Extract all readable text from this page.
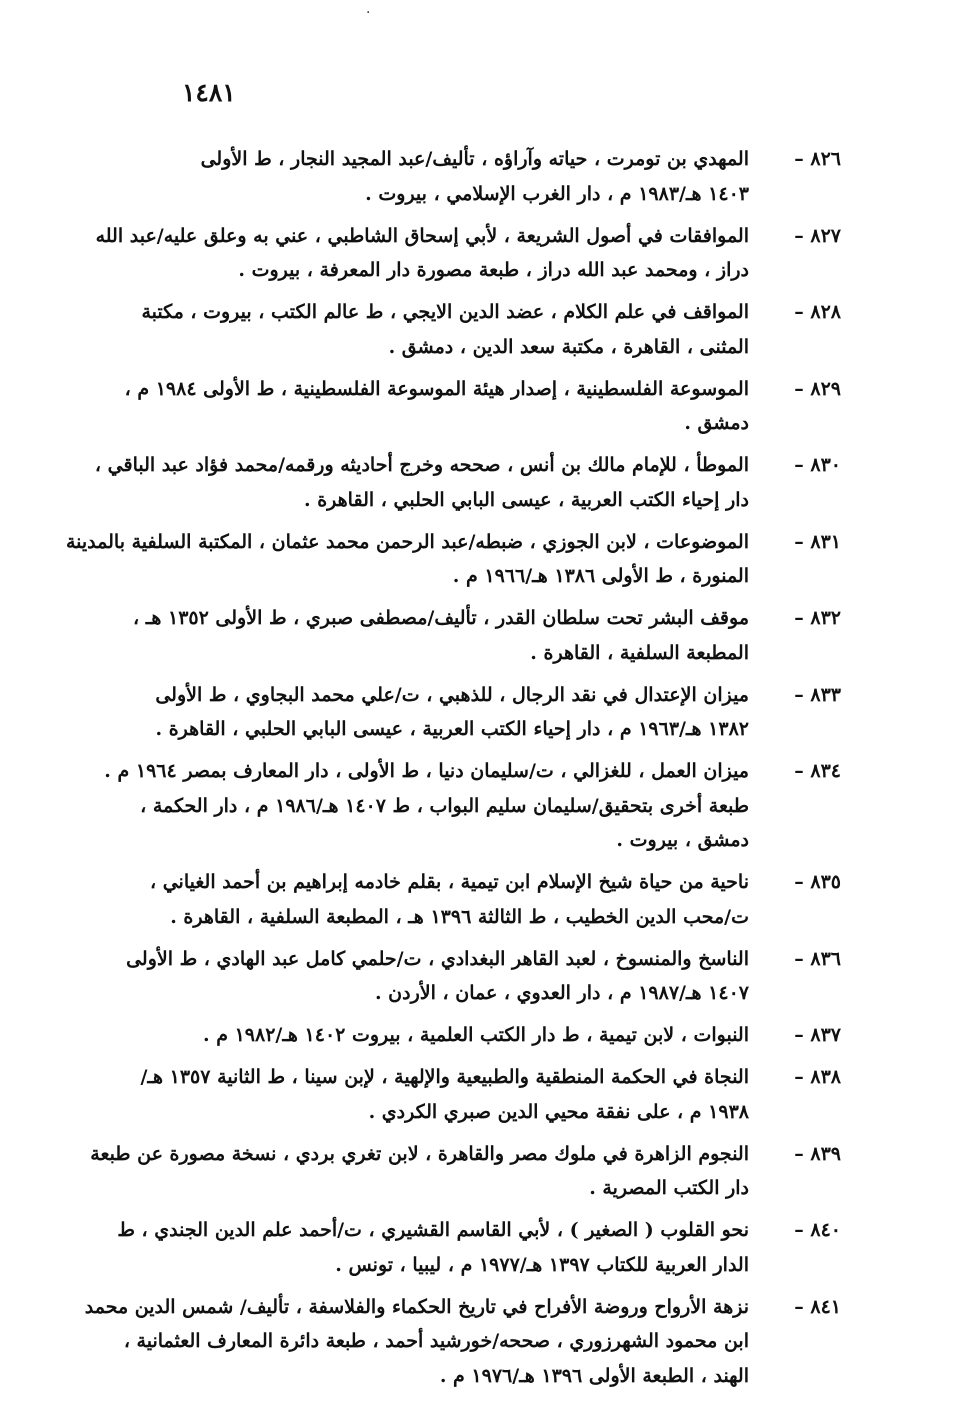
·
١٤٨١
٨٢٦ –
المهدي بن تومرت ، حياته وآراؤه ، تأليف/عبد المجيد النجار ، ط الأولى
١٤٠٣ هـ/١٩٨٣ م ، دار الغرب الإسلامي ، بيروت .
٨٢٧ –
الموافقات في أصول الشريعة ، لأبي إسحاق الشاطبي ، عني به وعلق عليه/عبد الله
دراز ، ومحمد عبد الله دراز ، طبعة مصورة دار المعرفة ، بيروت .
٨٢٨ –
المواقف في علم الكلام ، عضد الدين الايجي ، ط عالم الكتب ، بيروت ، مكتبة
المثنى ، القاهرة ، مكتبة سعد الدين ، دمشق .
٨٢٩ –
الموسوعة الفلسطينية ، إصدار هيئة الموسوعة الفلسطينية ، ط الأولى ١٩٨٤ م ،
دمشق .
٨٣٠ –
الموطأ ، للإمام مالك بن أنس ، صححه وخرج أحاديثه ورقمه/محمد فؤاد عبد الباقي ،
دار إحياء الكتب العربية ، عيسى البابي الحلبي ، القاهرة .
٨٣١ –
الموضوعات ، لابن الجوزي ، ضبطه/عبد الرحمن محمد عثمان ، المكتبة السلفية بالمدينة
المنورة ، ط الأولى ١٣٨٦ هـ/١٩٦٦ م .
٨٣٢ –
موقف البشر تحت سلطان القدر ، تأليف/مصطفى صبري ، ط الأولى ١٣٥٢ هـ ،
المطبعة السلفية ، القاهرة .
٨٣٣ –
ميزان الإعتدال في نقد الرجال ، للذهبي ، ت/علي محمد البجاوي ، ط الأولى
١٣٨٢ هـ/١٩٦٣ م ، دار إحياء الكتب العربية ، عيسى البابي الحلبي ، القاهرة .
٨٣٤ –
ميزان العمل ، للغزالي ، ت/سليمان دنيا ، ط الأولى ، دار المعارف بمصر ١٩٦٤ م .
طبعة أخرى بتحقيق/سليمان سليم البواب ، ط ١٤٠٧ هـ/١٩٨٦ م ، دار الحكمة ،
دمشق ، بيروت .
٨٣٥ –
ناحية من حياة شيخ الإسلام ابن تيمية ، بقلم خادمه إبراهيم بن أحمد الغياني ،
ت/محب الدين الخطيب ، ط الثالثة ١٣٩٦ هـ ، المطبعة السلفية ، القاهرة .
٨٣٦ –
الناسخ والمنسوخ ، لعبد القاهر البغدادي ، ت/حلمي كامل عبد الهادي ، ط الأولى
١٤٠٧ هـ/١٩٨٧ م ، دار العدوي ، عمان ، الأردن .
٨٣٧ –
النبوات ، لابن تيمية ، ط دار الكتب العلمية ، بيروت ١٤٠٢ هـ/١٩٨٢ م .
٨٣٨ –
النجاة في الحكمة المنطقية والطبيعية والإلهية ، لإبن سينا ، ط الثانية ١٣٥٧ هـ/
١٩٣٨ م ، على نفقة محيي الدين صبري الكردي .
٨٣٩ –
النجوم الزاهرة في ملوك مصر والقاهرة ، لابن تغري بردي ، نسخة مصورة عن طبعة
دار الكتب المصرية .
٨٤٠ –
نحو القلوب ( الصغير ) ، لأبي القاسم القشيري ، ت/أحمد علم الدين الجندي ، ط
الدار العربية للكتاب ١٣٩٧ هـ/١٩٧٧ م ، ليبيا ، تونس .
٨٤١ –
نزهة الأرواح وروضة الأفراح في تاريخ الحكماء والفلاسفة ، تأليف/ شمس الدين محمد
ابن محمود الشهرزوري ، صححه/خورشيد أحمد ، طبعة دائرة المعارف العثمانية ،
الهند ، الطبعة الأولى ١٣٩٦ هـ/١٩٧٦ م .
